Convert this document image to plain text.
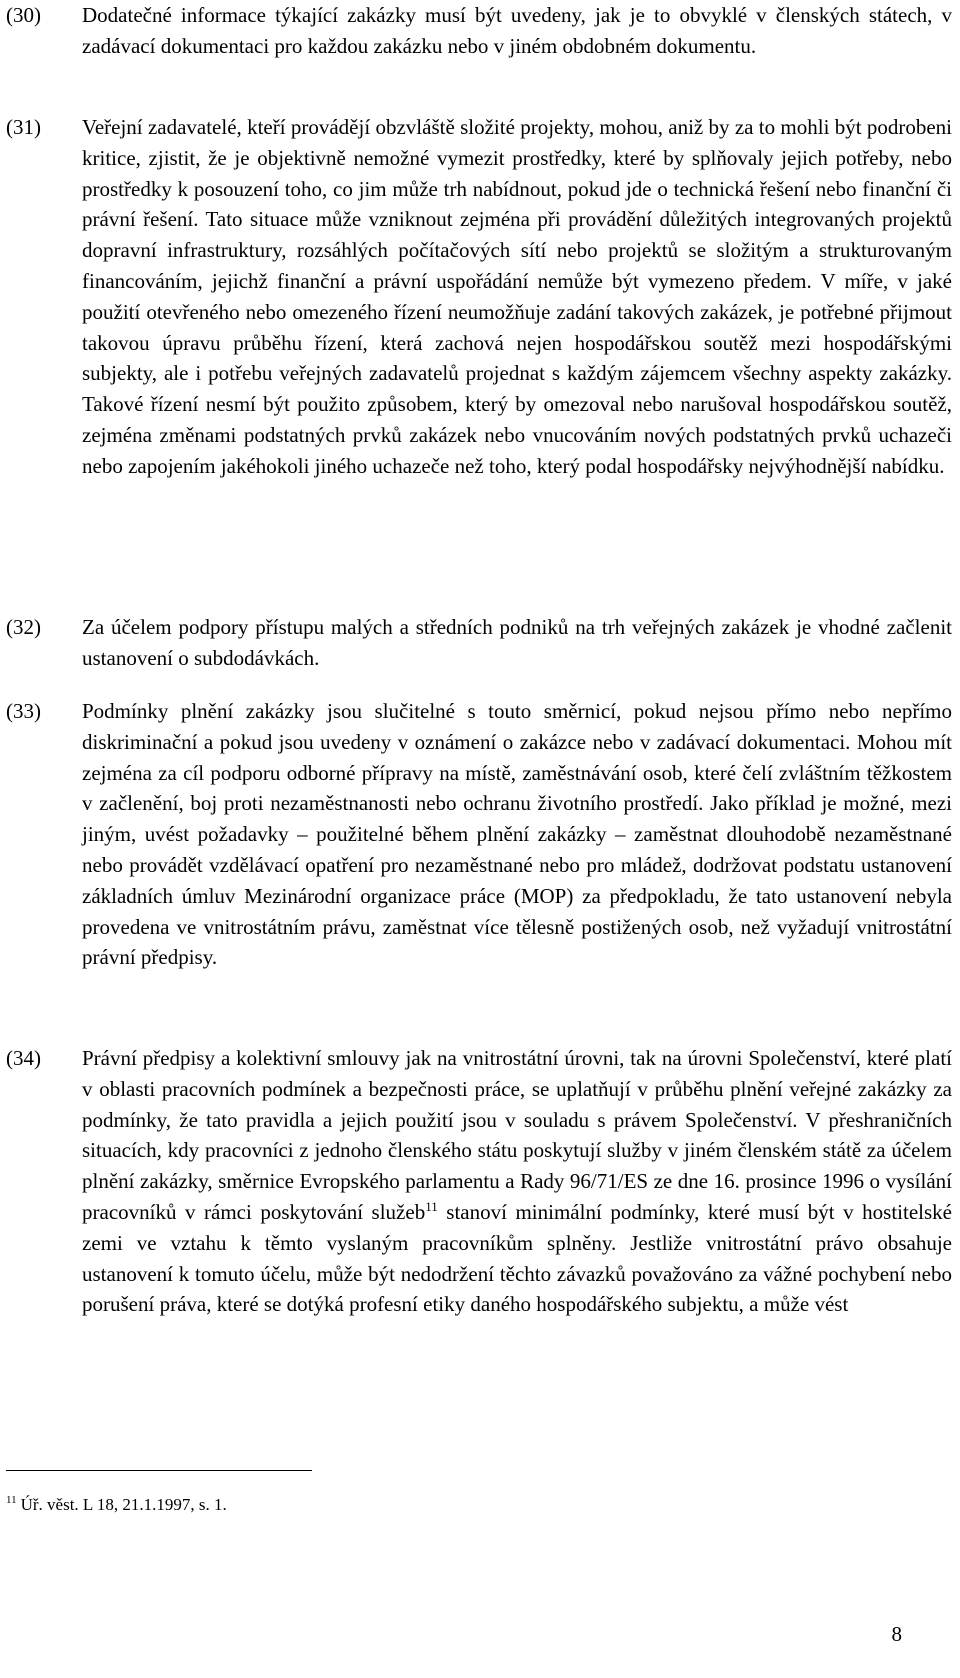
(30)	Dodatečné informace týkající zakázky musí být uvedeny, jak je to obvyklé v členských státech, v zadávací dokumentaci pro každou zakázku nebo v jiném obdobném dokumentu.

(31)	Veřejní zadavatelé, kteří provádějí obzvláště složité projekty, mohou, aniž by za to mohli být podrobeni kritice, zjistit, že je objektivně nemožné vymezit prostředky, které by splňovaly jejich potřeby, nebo prostředky k posouzení toho, co jim může trh nabídnout, pokud jde o technická řešení nebo finanční či právní řešení. Tato situace může vzniknout zejména při provádění důležitých integrovaných projektů dopravní infrastruktury, rozsáhlých počítačových sítí nebo projektů se složitým a strukturovaným financováním, jejichž finanční a právní uspořádání nemůže být vymezeno předem. V míře, v jaké použití otevřeného nebo omezeného řízení neumožňuje zadání takových zakázek, je potřebné přijmout takovou úpravu průběhu řízení, která zachová nejen hospodářskou soutěž mezi hospodářskými subjekty, ale i potřebu veřejných zadavatelů projednat s každým zájemcem všechny aspekty zakázky. Takové řízení nesmí být použito způsobem, který by omezoval nebo narušoval hospodářskou soutěž, zejména změnami podstatných prvků zakázek nebo vnucováním nových podstatných prvků uchazeči nebo zapojením jakéhokoli jiného uchazeče než toho, který podal hospodářsky nejvýhodnější nabídku.

(32)	Za účelem podpory přístupu malých a středních podniků na trh veřejných zakázek je vhodné začlenit ustanovení o subdodávkách.

(33)	Podmínky plnění zakázky jsou slučitelné s touto směrnicí, pokud nejsou přímo nebo nepřímo diskriminační a pokud jsou uvedeny v oznámení o zakázce nebo v zadávací dokumentaci. Mohou mít zejména za cíl podporu odborné přípravy na místě, zaměstnávání osob, které čelí zvláštním těžkostem v začlenění, boj proti nezaměstnanosti nebo ochranu životního prostředí. Jako příklad je možné, mezi jiným, uvést požadavky – použitelné během plnění zakázky – zaměstnat dlouhodobě nezaměstnané nebo provádět vzdělávací opatření pro nezaměstnané nebo pro mládež, dodržovat podstatu ustanovení základních úmluv Mezinárodní organizace práce (MOP) za předpokladu, že tato ustanovení nebyla provedena ve vnitrostátním právu, zaměstnat více tělesně postižených osob, než vyžadují vnitrostátní právní předpisy.

(34)	Právní předpisy a kolektivní smlouvy jak na vnitrostátní úrovni, tak na úrovni Společenství, které platí v oblasti pracovních podmínek a bezpečnosti práce, se uplatňují v průběhu plnění veřejné zakázky za podmínky, že tato pravidla a jejich použití jsou v souladu s právem Společenství. V přeshraničních situacích, kdy pracovníci z jednoho členského státu poskytují služby v jiném členském státě za účelem plnění zakázky, směrnice Evropského parlamentu a Rady 96/71/ES ze dne 16. prosince 1996 o vysílání pracovníků v rámci poskytování služeb$^{11}$ stanoví minimální podmínky, které musí být v hostitelské zemi ve vztahu k těmto vyslaným pracovníkům splněny. Jestliže vnitrostátní právo obsahuje ustanovení k tomuto účelu, může být nedodržení těchto závazků považováno za vážné pochybení nebo porušení práva, které se dotýká profesní etiky daného hospodářského subjektu, a může vést

$^{11}$ Úř. věst. L 18, 21.1.1997, s. 1.
8
